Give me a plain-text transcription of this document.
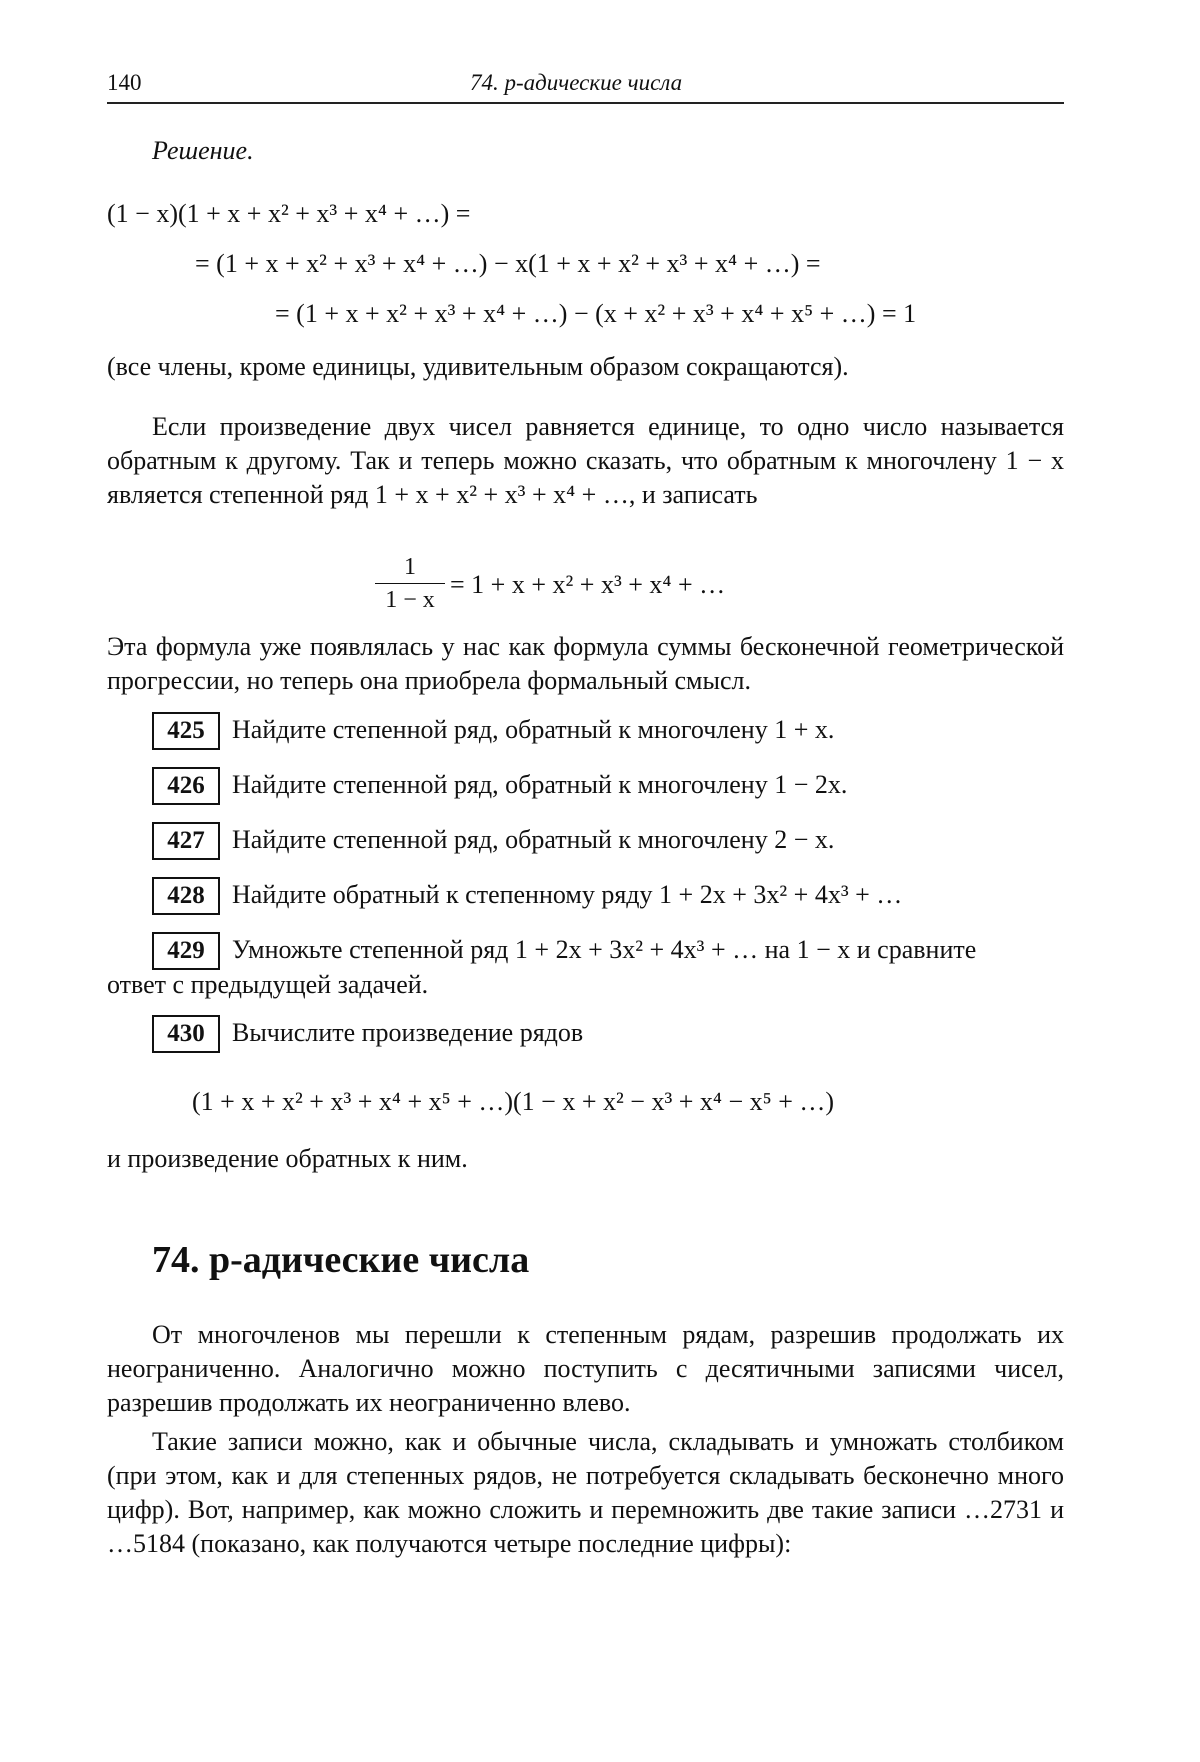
140	74. p-адические числа
Решение.
(1 − x)(1 + x + x² + x³ + x⁴ + …) =
= (1 + x + x² + x³ + x⁴ + …) − x(1 + x + x² + x³ + x⁴ + …) =
= (1 + x + x² + x³ + x⁴ + …) − (x + x² + x³ + x⁴ + x⁵ + …) = 1
(все члены, кроме единицы, удивительным образом сокращаются).
Если произведение двух чисел равняется единице, то одно число называется обратным к другому. Так и теперь можно сказать, что обратным к многочлену 1 − x является степенной ряд 1 + x + x² + x³ + x⁴ + …, и записать
1
1 − x
= 1 + x + x² + x³ + x⁴ + …
Эта формула уже появлялась у нас как формула суммы бесконечной геометрической прогрессии, но теперь она приобрела формальный смысл.
425	Найдите степенной ряд, обратный к многочлену 1 + x.
426	Найдите степенной ряд, обратный к многочлену 1 − 2x.
427	Найдите степенной ряд, обратный к многочлену 2 − x.
428	Найдите обратный к степенному ряду 1 + 2x + 3x² + 4x³ + …
429	Умножьте степенной ряд 1 + 2x + 3x² + 4x³ + … на 1 − x и сравните
ответ с предыдущей задачей.
430	Вычислите произведение рядов
(1 + x + x² + x³ + x⁴ + x⁵ + …)(1 − x + x² − x³ + x⁴ − x⁵ + …)
и произведение обратных к ним.
74. p-адические числа
От многочленов мы перешли к степенным рядам, разрешив продолжать их неограниченно. Аналогично можно поступить с десятичными записями чисел, разрешив продолжать их неограниченно влево.
Такие записи можно, как и обычные числа, складывать и умножать столбиком (при этом, как и для степенных рядов, не потребуется складывать бесконечно много цифр). Вот, например, как можно сложить и перемножить две такие записи …2731 и …5184 (показано, как получаются четыре последние цифры):
